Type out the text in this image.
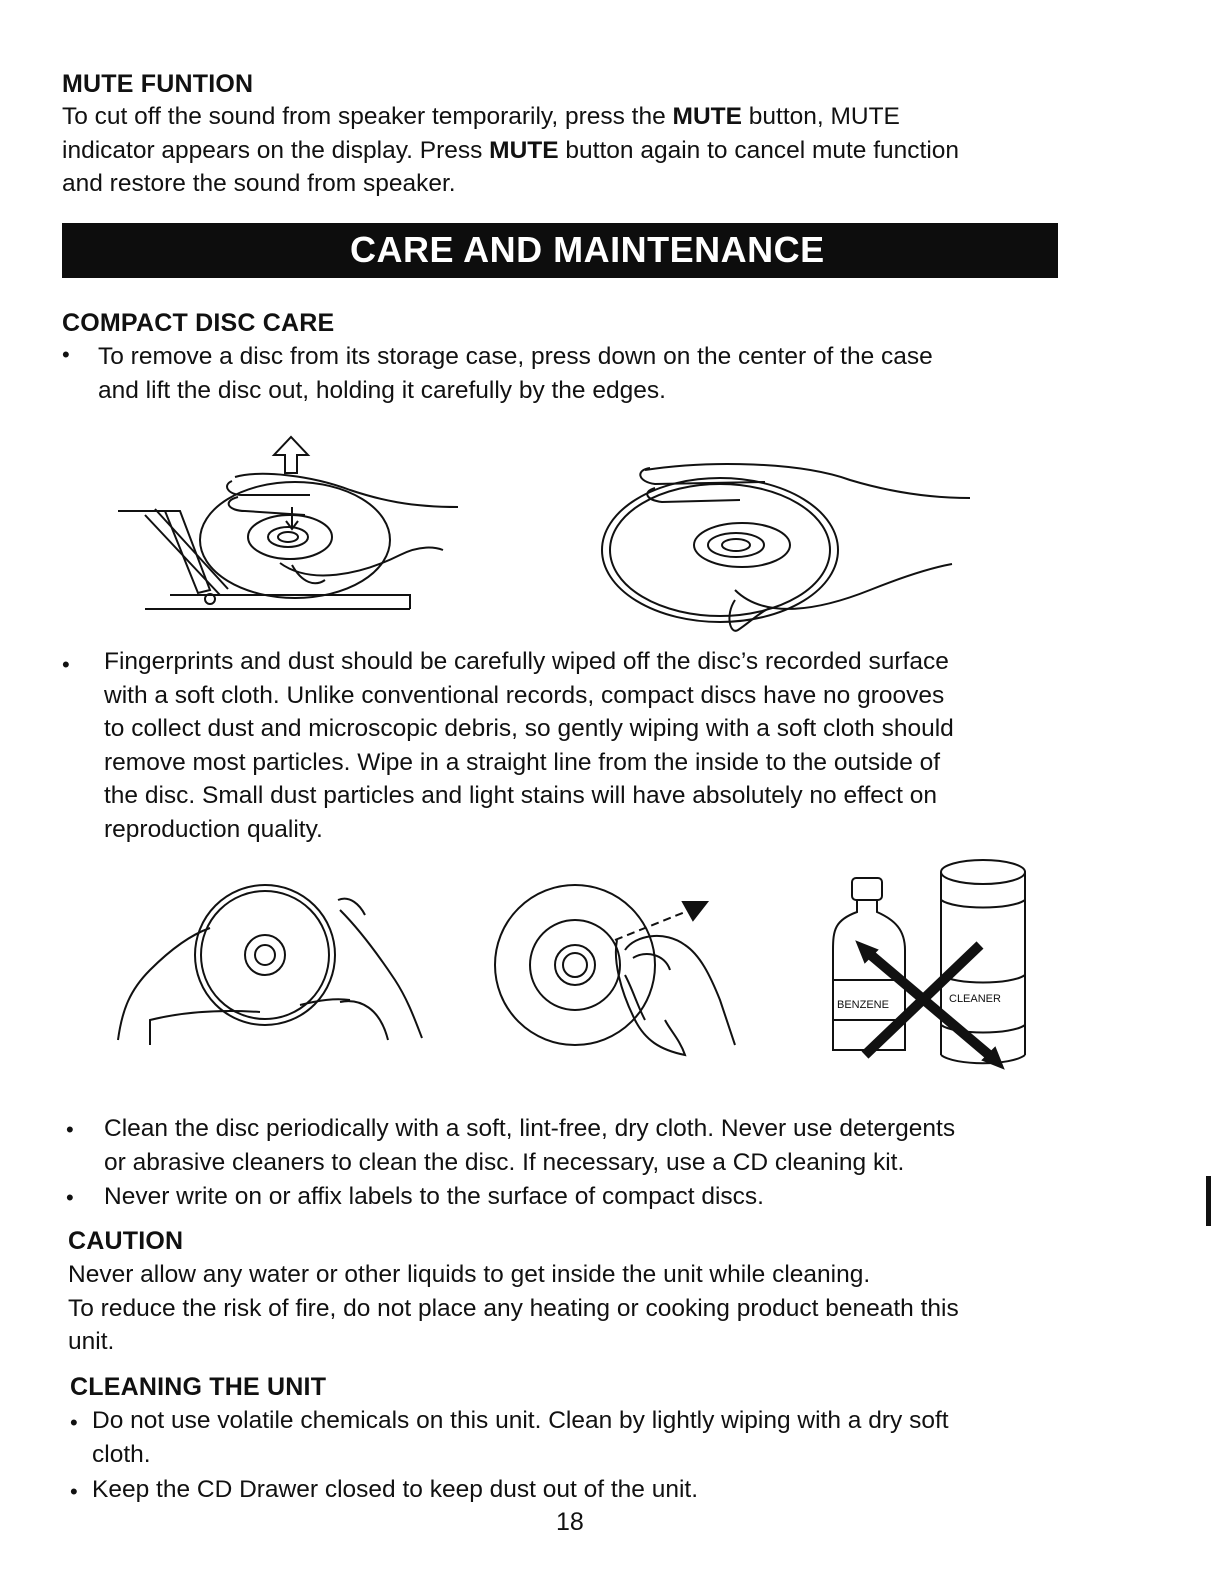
MUTE FUNTION
To cut off the sound from speaker temporarily, press the MUTE button, MUTE
indicator appears on the display. Press MUTE button again to cancel mute function
and restore the sound from speaker.
CARE AND MAINTENANCE
COMPACT DISC CARE
• To remove a disc from its storage case, press down on the center of the case
and lift the disc out, holding it carefully by the edges.
• Fingerprints and dust should be carefully wiped off the disc’s recorded surface
with a soft cloth. Unlike conventional records, compact discs have no grooves
to collect dust and microscopic debris, so gently wiping with a soft cloth should
remove most particles. Wipe in a straight line from the inside to the outside of
the disc. Small dust particles and light stains will have absolutely no effect on
reproduction quality.
BENZENE	CLEANER
• Clean the disc periodically with a soft, lint-free, dry cloth. Never use detergents
or abrasive cleaners to clean the disc. If necessary, use a CD cleaning kit.
• Never write on or affix labels to the surface of compact discs.
CAUTION
Never allow any water or other liquids to get inside the unit while cleaning.
To reduce the risk of fire, do not place any heating or cooking product beneath this
unit.
CLEANING THE UNIT
• Do not use volatile chemicals on this unit. Clean by lightly wiping with a dry soft
cloth.
• Keep the CD Drawer closed to keep dust out of the unit.
18
